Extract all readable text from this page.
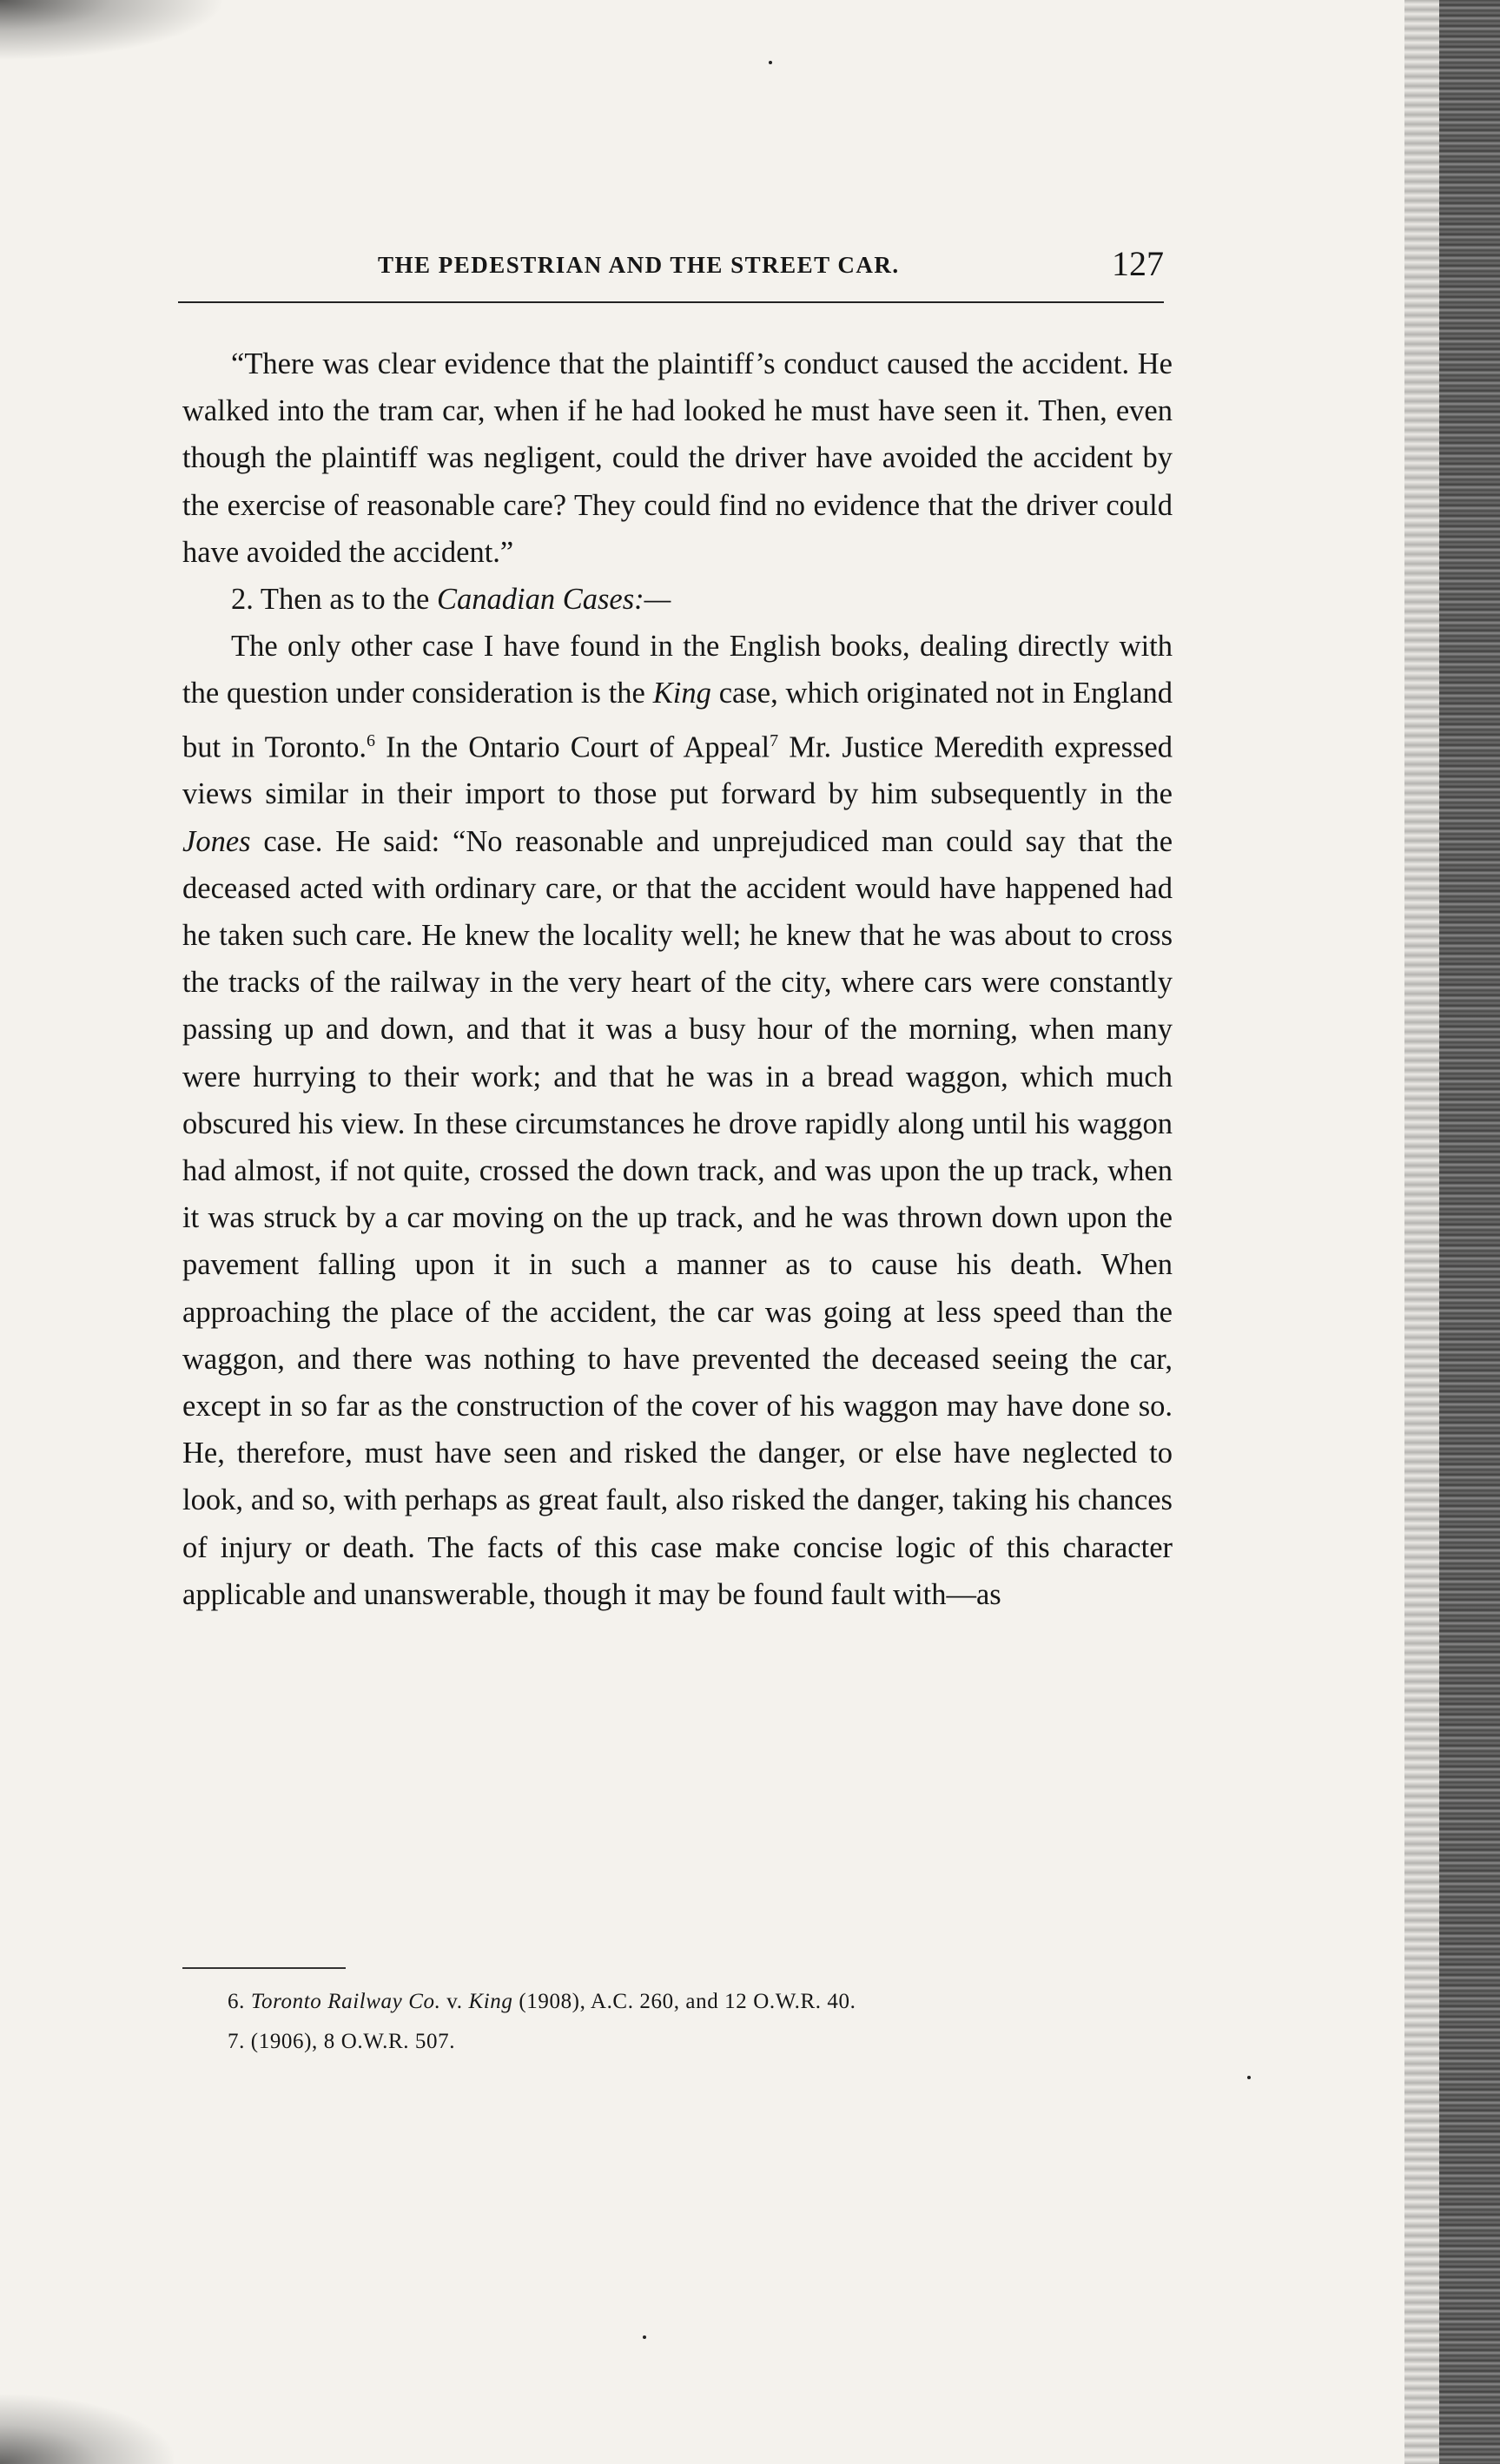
THE PEDESTRIAN AND THE STREET CAR.	127

“There was clear evidence that the plaintiff’s conduct caused the accident. He walked into the tram car, when if he had looked he must have seen it. Then, even though the plaintiff was negligent, could the driver have avoided the accident by the exercise of reasonable care? They could find no evidence that the driver could have avoided the accident.”

2. Then as to the Canadian Cases:—

The only other case I have found in the English books, dealing directly with the question under consideration is the King case, which originated not in England but in Toronto.$^6$ In the Ontario Court of Appeal$^7$ Mr. Justice Meredith expressed views similar in their import to those put forward by him subsequently in the Jones case. He said: “No reasonable and unprejudiced man could say that the deceased acted with ordinary care, or that the accident would have happened had he taken such care. He knew the locality well; he knew that he was about to cross the tracks of the railway in the very heart of the city, where cars were constantly passing up and down, and that it was a busy hour of the morning, when many were hurrying to their work; and that he was in a bread waggon, which much obscured his view. In these circumstances he drove rapidly along until his waggon had almost, if not quite, crossed the down track, and was upon the up track, when it was struck by a car moving on the up track, and he was thrown down upon the pavement falling upon it in such a manner as to cause his death. When approaching the place of the accident, the car was going at less speed than the waggon, and there was nothing to have prevented the deceased seeing the car, except in so far as the construction of the cover of his waggon may have done so. He, therefore, must have seen and risked the danger, or else have neglected to look, and so, with perhaps as great fault, also risked the danger, taking his chances of injury or death. The facts of this case make concise logic of this character applicable and unanswerable, though it may be found fault with—as

6. Toronto Railway Co. v. King (1908), A.C. 260, and 12 O.W.R. 40.
7. (1906), 8 O.W.R. 507.
